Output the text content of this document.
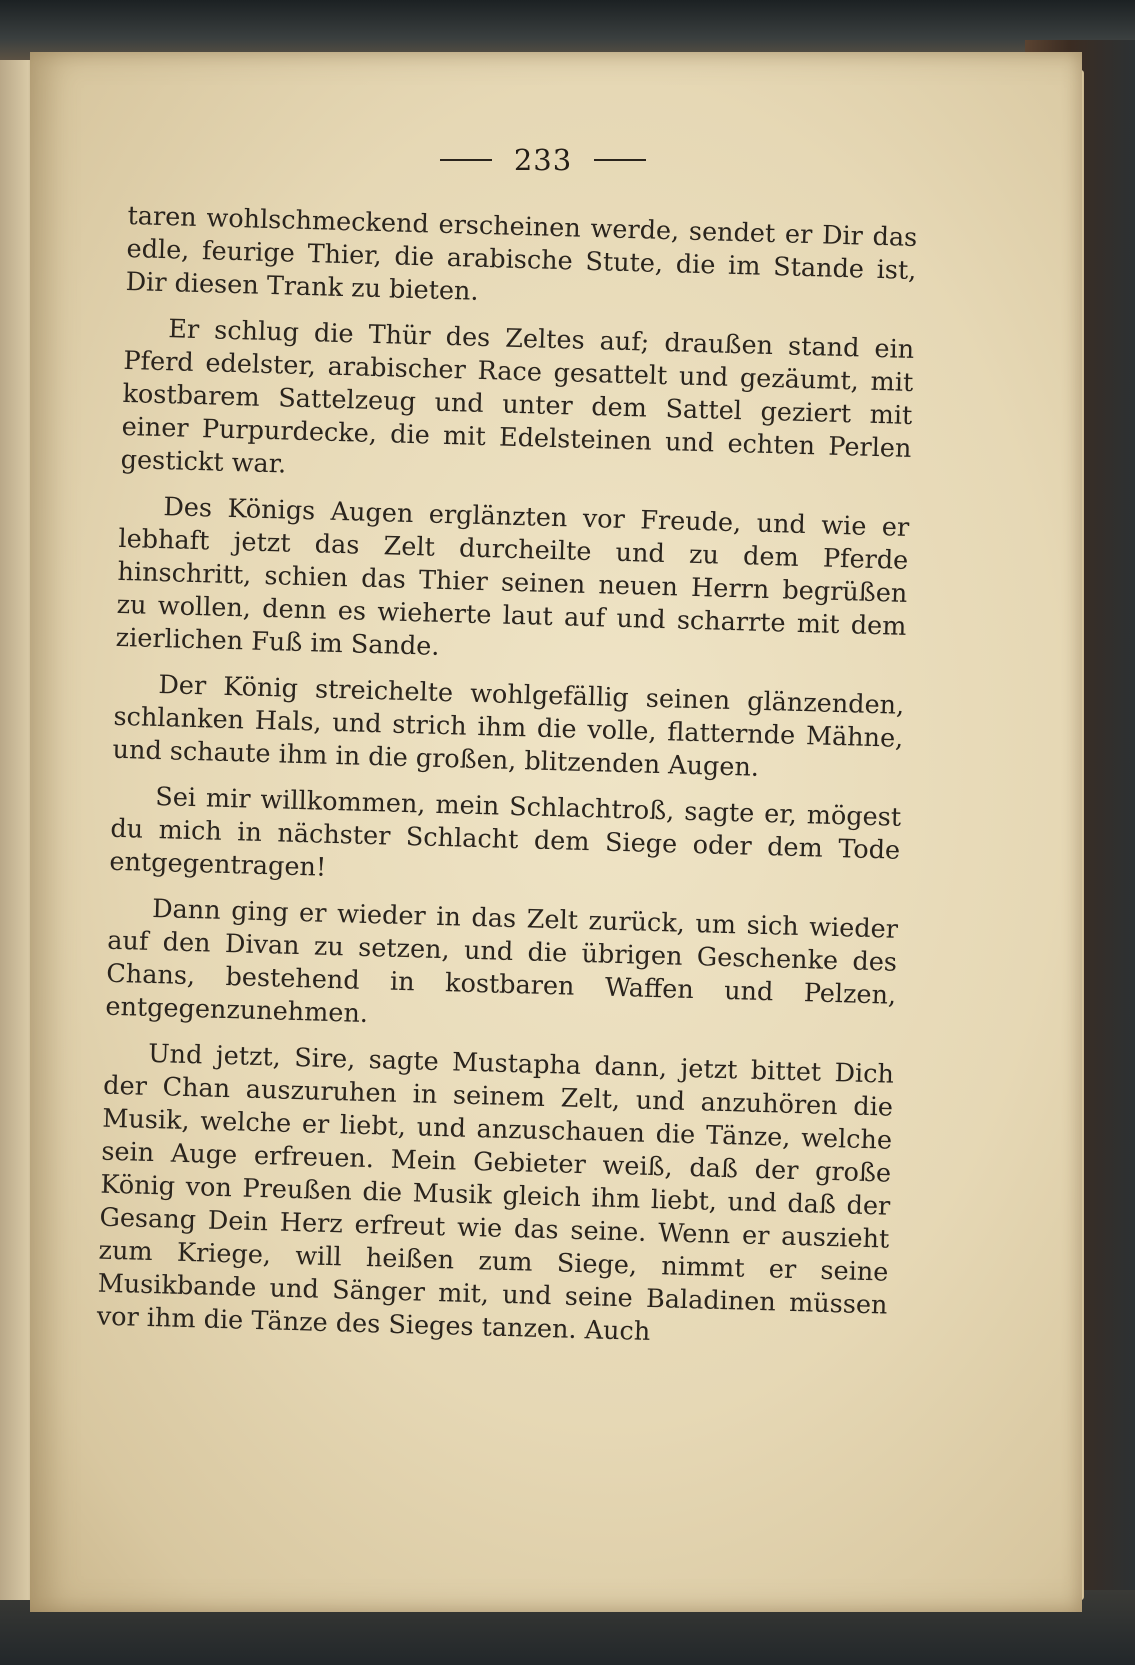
233

taren wohlschmeckend erscheinen werde, sendet er Dir das edle, feurige Thier, die arabische Stute, die im Stande ist, Dir diesen Trank zu bieten.

Er schlug die Thür des Zeltes auf; draußen stand ein Pferd edelster, arabischer Race gesattelt und gezäumt, mit kostbarem Sattelzeug und unter dem Sattel geziert mit einer Purpurdecke, die mit Edelsteinen und echten Perlen gestickt war.

Des Königs Augen erglänzten vor Freude, und wie er lebhaft jetzt das Zelt durcheilte und zu dem Pferde hinschritt, schien das Thier seinen neuen Herrn begrüßen zu wollen, denn es wieherte laut auf und scharrte mit dem zierlichen Fuß im Sande.

Der König streichelte wohlgefällig seinen glänzenden, schlanken Hals, und strich ihm die volle, flatternde Mähne, und schaute ihm in die großen, blitzenden Augen.

Sei mir willkommen, mein Schlachtroß, sagte er, mögest du mich in nächster Schlacht dem Siege oder dem Tode entgegentragen!

Dann ging er wieder in das Zelt zurück, um sich wieder auf den Divan zu setzen, und die übrigen Geschenke des Chans, bestehend in kostbaren Waffen und Pelzen, entgegenzunehmen.

Und jetzt, Sire, sagte Mustapha dann, jetzt bittet Dich der Chan auszuruhen in seinem Zelt, und anzuhören die Musik, welche er liebt, und anzuschauen die Tänze, welche sein Auge erfreuen. Mein Gebieter weiß, daß der große König von Preußen die Musik gleich ihm liebt, und daß der Gesang Dein Herz erfreut wie das seine. Wenn er auszieht zum Kriege, will heißen zum Siege, nimmt er seine Musikbande und Sänger mit, und seine Baladinen müssen vor ihm die Tänze des Sieges tanzen. Auch
